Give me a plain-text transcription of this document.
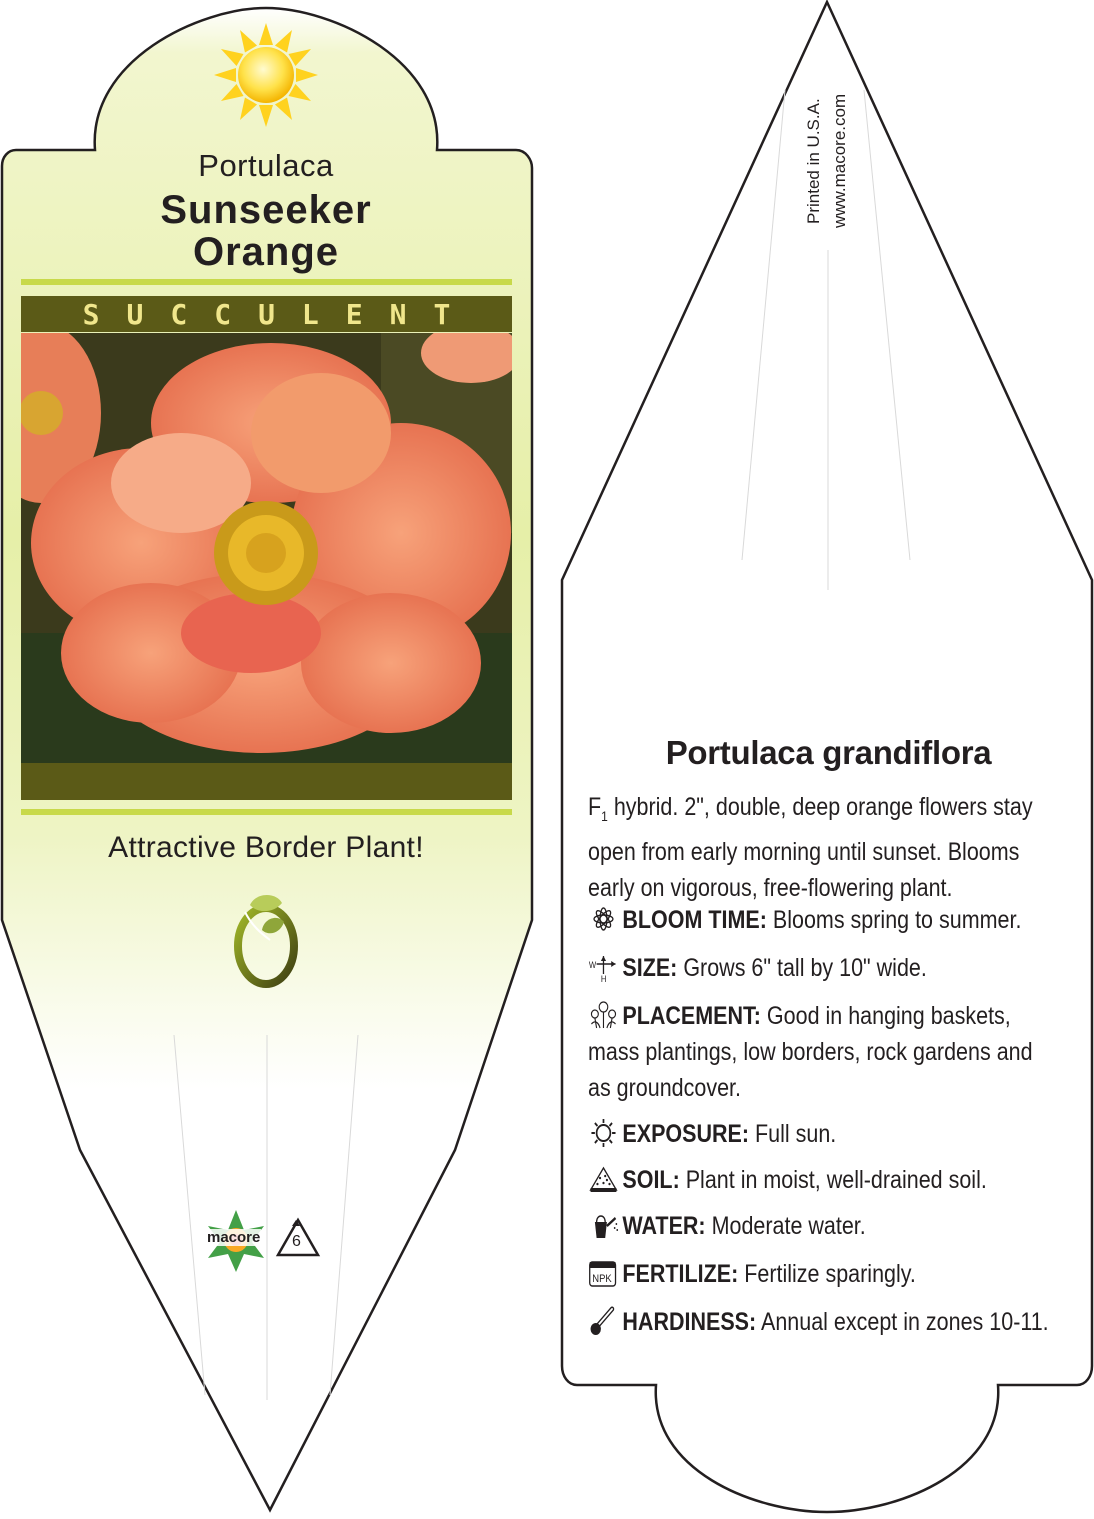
Portulaca
Sunseeker
Orange
SUCCULENT
Attractive Border Plant!
macore 6
Printed in U.S.A. www.macore.com
Portulaca grandiflora
$F_1$ hybrid. 2", double, deep orange flowers stay open from early morning until sunset. Blooms early on vigorous, free-flowering plant.
BLOOM TIME: Blooms spring to summer.
W
H SIZE: Grows 6" tall by 10" wide.
PLACEMENT: Good in hanging baskets, mass plantings, low borders, rock gardens and as groundcover.
EXPOSURE: Full sun.
SOIL: Plant in moist, well-drained soil.
WATER: Moderate water.
NPK FERTILIZE: Fertilize sparingly.
HARDINESS: Annual except in zones 10-11.
